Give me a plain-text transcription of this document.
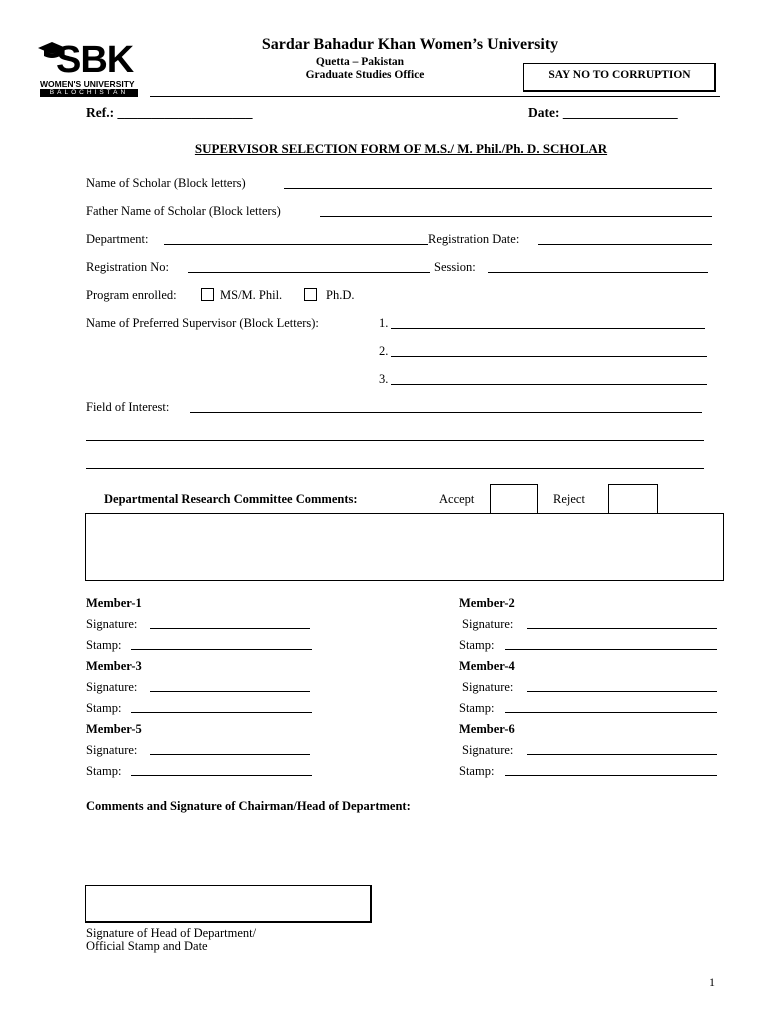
SBK
WOMEN'S UNIVERSITY
BALOCHISTAN
Sardar Bahadur Khan Women’s University
Quetta – Pakistan
Graduate Studies Office	SAY NO TO CORRUPTION
Ref.: ____________________	Date: _________________
SUPERVISOR SELECTION FORM OF M.S./ M. Phil./Ph. D. SCHOLAR
Name of Scholar (Block letters)
Father Name of Scholar (Block letters)
Department:	Registration Date:
Registration No:	Session:
Program enrolled:	MS/M. Phil.	Ph.D.
Name of Preferred Supervisor (Block Letters):	1.
2.
3.
Field of Interest:
Departmental Research Committee Comments:	Accept	Reject
Member-1
Signature:
Stamp:
Member-3
Signature:
Stamp:
Member-5
Signature:
Stamp:
Member-2
Signature:
Stamp:
Member-4
Signature:
Stamp:
Member-6
Signature:
Stamp:
Comments and Signature of Chairman/Head of Department:
Signature of Head of Department/
Official Stamp and Date
1
